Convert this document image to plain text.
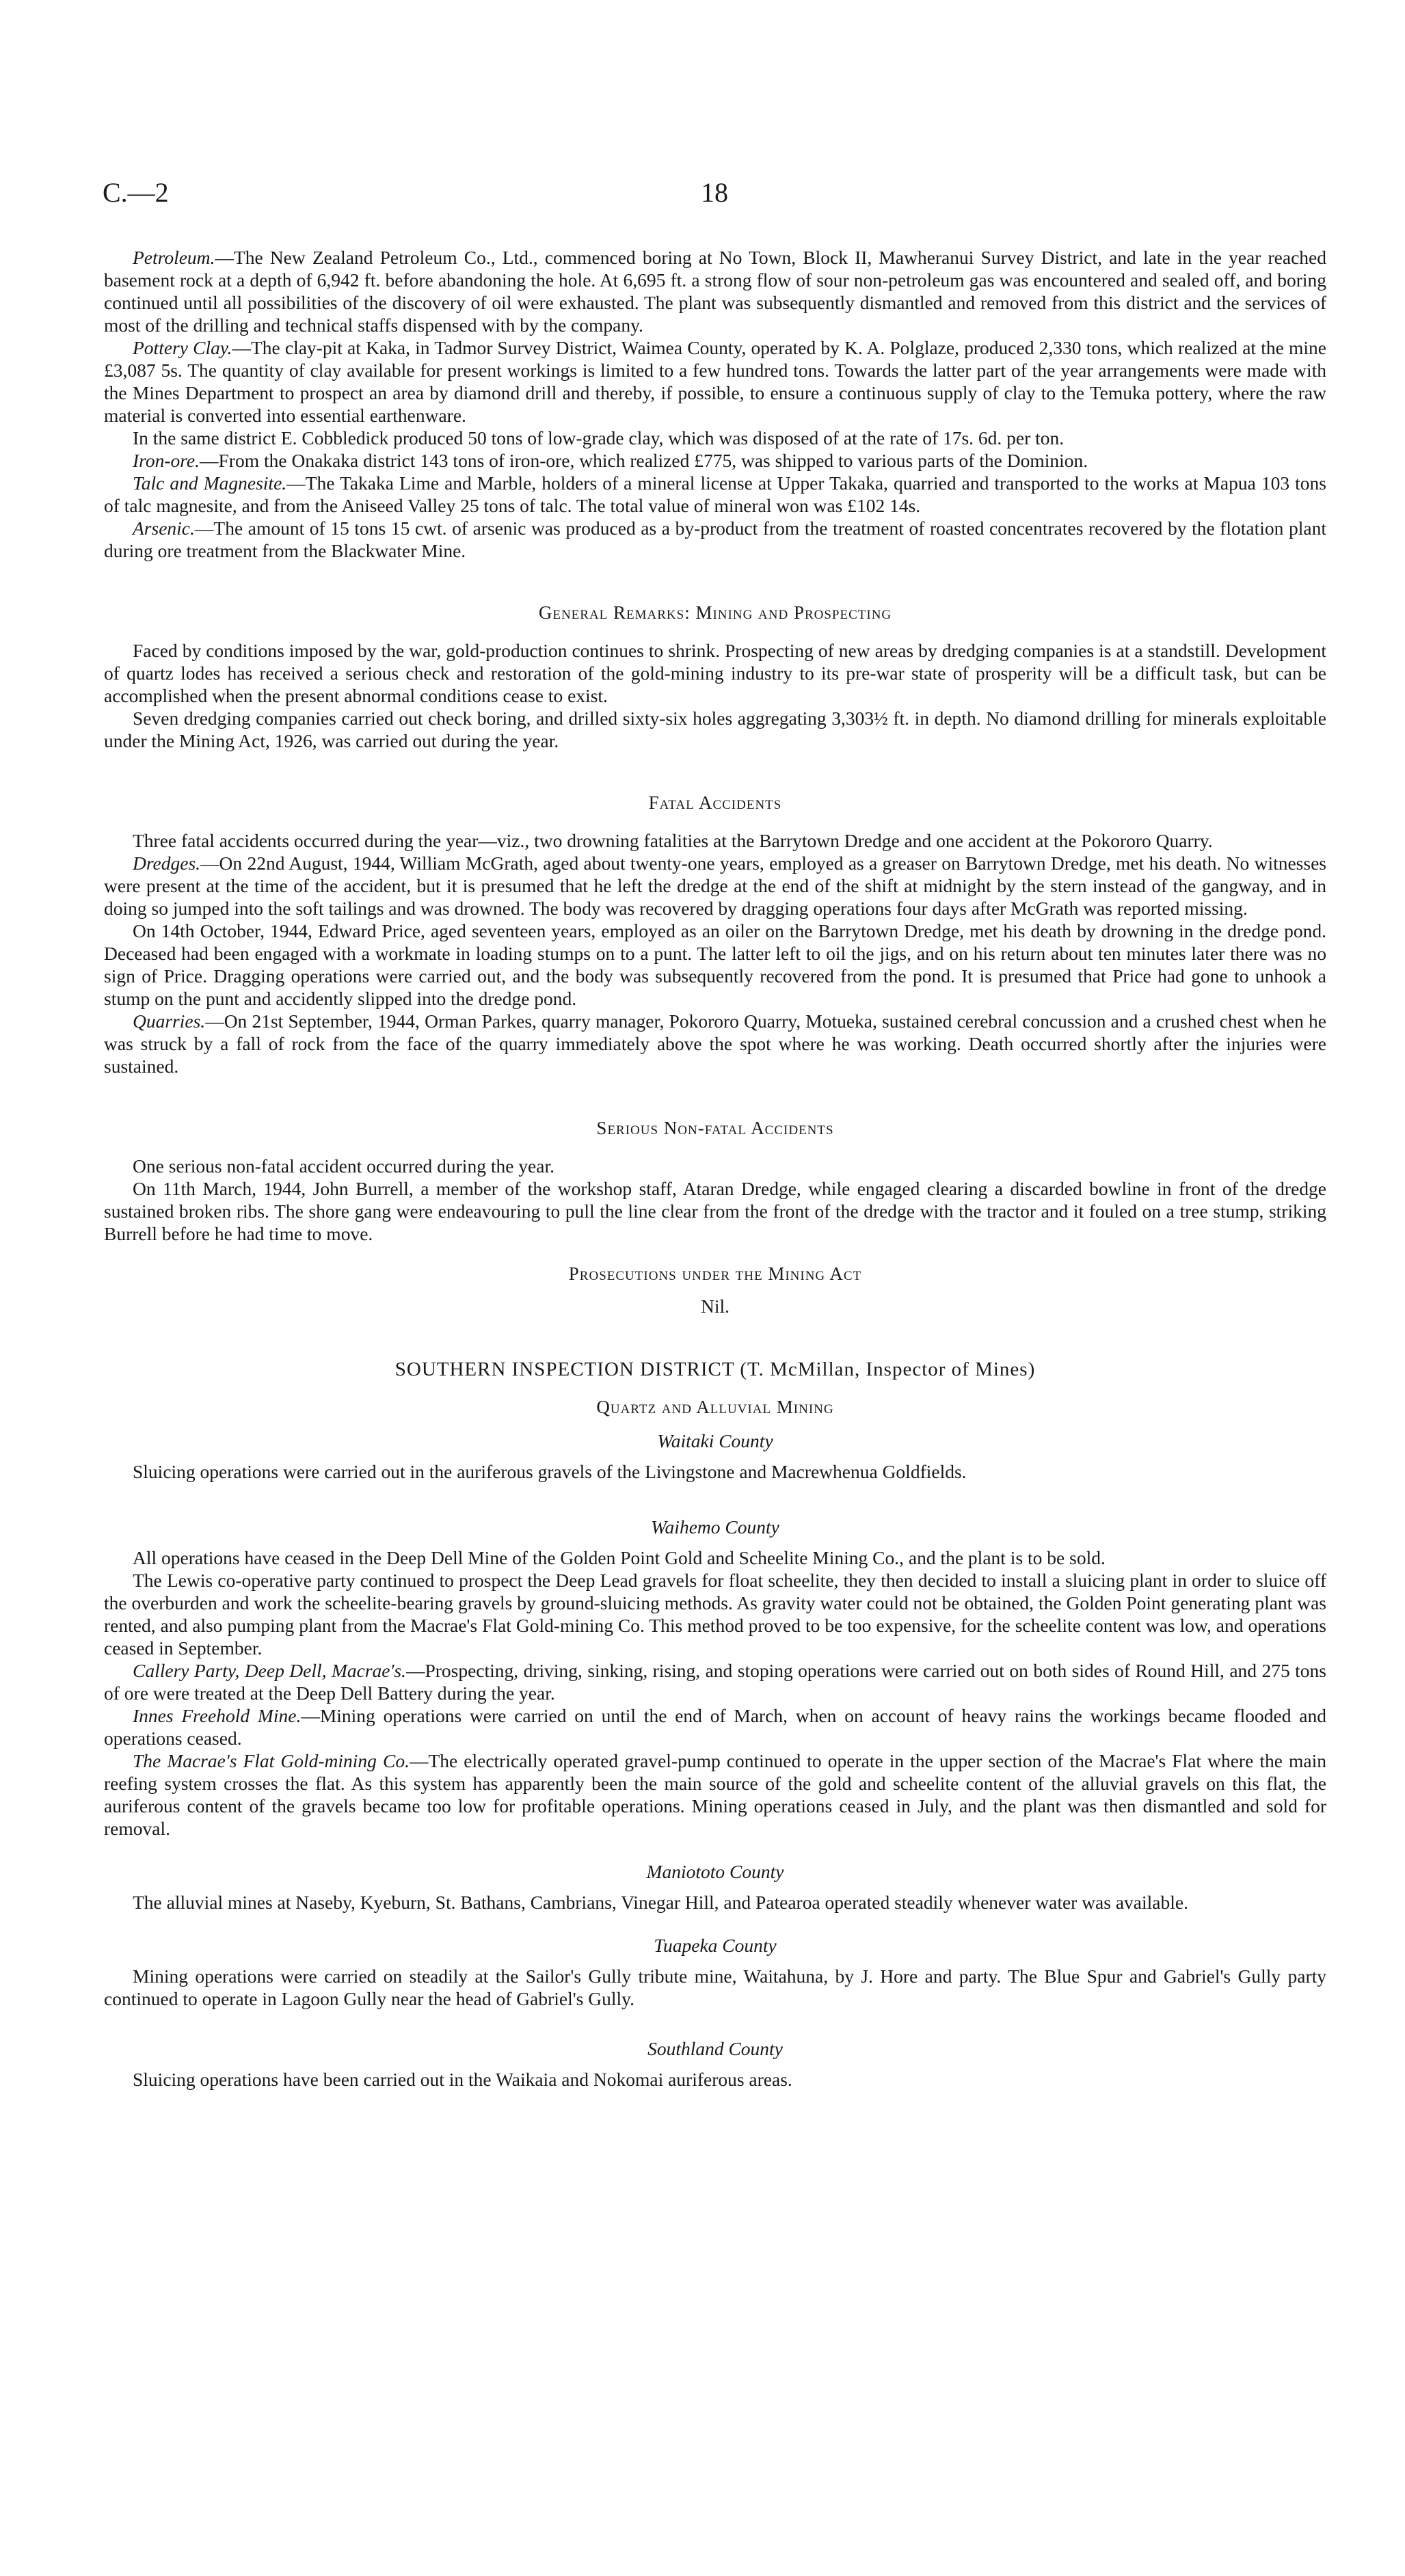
C.—2	18

Petroleum.—The New Zealand Petroleum Co., Ltd., commenced boring at No Town, Block II, Mawheranui Survey District, and late in the year reached basement rock at a depth of 6,942 ft. before abandoning the hole. At 6,695 ft. a strong flow of sour non-petroleum gas was encountered and sealed off, and boring continued until all possibilities of the discovery of oil were exhausted. The plant was subsequently dismantled and removed from this district and the services of most of the drilling and technical staffs dispensed with by the company.

Pottery Clay.—The clay-pit at Kaka, in Tadmor Survey District, Waimea County, operated by K. A. Polglaze, produced 2,330 tons, which realized at the mine £3,087 5s. The quantity of clay available for present workings is limited to a few hundred tons. Towards the latter part of the year arrangements were made with the Mines Department to prospect an area by diamond drill and thereby, if possible, to ensure a continuous supply of clay to the Temuka pottery, where the raw material is converted into essential earthenware.

In the same district E. Cobbledick produced 50 tons of low-grade clay, which was disposed of at the rate of 17s. 6d. per ton.

Iron-ore.—From the Onakaka district 143 tons of iron-ore, which realized £775, was shipped to various parts of the Dominion.

Talc and Magnesite.—The Takaka Lime and Marble, holders of a mineral license at Upper Takaka, quarried and transported to the works at Mapua 103 tons of talc magnesite, and from the Aniseed Valley 25 tons of talc. The total value of mineral won was £102 14s.

Arsenic.—The amount of 15 tons 15 cwt. of arsenic was produced as a by-product from the treatment of roasted concentrates recovered by the flotation plant during ore treatment from the Blackwater Mine.

General Remarks: Mining and Prospecting

Faced by conditions imposed by the war, gold-production continues to shrink. Prospecting of new areas by dredging companies is at a standstill. Development of quartz lodes has received a serious check and restoration of the gold-mining industry to its pre-war state of prosperity will be a difficult task, but can be accomplished when the present abnormal conditions cease to exist.

Seven dredging companies carried out check boring, and drilled sixty-six holes aggregating 3,303½ ft. in depth. No diamond drilling for minerals exploitable under the Mining Act, 1926, was carried out during the year.

Fatal Accidents

Three fatal accidents occurred during the year—viz., two drowning fatalities at the Barrytown Dredge and one accident at the Pokororo Quarry.

Dredges.—On 22nd August, 1944, William McGrath, aged about twenty-one years, employed as a greaser on Barrytown Dredge, met his death. No witnesses were present at the time of the accident, but it is presumed that he left the dredge at the end of the shift at midnight by the stern instead of the gangway, and in doing so jumped into the soft tailings and was drowned. The body was recovered by dragging operations four days after McGrath was reported missing.

On 14th October, 1944, Edward Price, aged seventeen years, employed as an oiler on the Barrytown Dredge, met his death by drowning in the dredge pond. Deceased had been engaged with a workmate in loading stumps on to a punt. The latter left to oil the jigs, and on his return about ten minutes later there was no sign of Price. Dragging operations were carried out, and the body was subsequently recovered from the pond. It is presumed that Price had gone to unhook a stump on the punt and accidently slipped into the dredge pond.

Quarries.—On 21st September, 1944, Orman Parkes, quarry manager, Pokororo Quarry, Motueka, sustained cerebral concussion and a crushed chest when he was struck by a fall of rock from the face of the quarry immediately above the spot where he was working. Death occurred shortly after the injuries were sustained.

Serious Non-fatal Accidents

One serious non-fatal accident occurred during the year.

On 11th March, 1944, John Burrell, a member of the workshop staff, Ataran Dredge, while engaged clearing a discarded bowline in front of the dredge sustained broken ribs. The shore gang were endeavouring to pull the line clear from the front of the dredge with the tractor and it fouled on a tree stump, striking Burrell before he had time to move.

Prosecutions under the Mining Act

Nil.

SOUTHERN INSPECTION DISTRICT (T. McMillan, Inspector of Mines)

Quartz and Alluvial Mining

Waitaki County

Sluicing operations were carried out in the auriferous gravels of the Livingstone and Macrewhenua Goldfields.

Waihemo County

All operations have ceased in the Deep Dell Mine of the Golden Point Gold and Scheelite Mining Co., and the plant is to be sold.

The Lewis co-operative party continued to prospect the Deep Lead gravels for float scheelite, they then decided to install a sluicing plant in order to sluice off the overburden and work the scheelite-bearing gravels by ground-sluicing methods. As gravity water could not be obtained, the Golden Point generating plant was rented, and also pumping plant from the Macrae's Flat Gold-mining Co. This method proved to be too expensive, for the scheelite content was low, and operations ceased in September.

Callery Party, Deep Dell, Macrae's.—Prospecting, driving, sinking, rising, and stoping operations were carried out on both sides of Round Hill, and 275 tons of ore were treated at the Deep Dell Battery during the year.

Innes Freehold Mine.—Mining operations were carried on until the end of March, when on account of heavy rains the workings became flooded and operations ceased.

The Macrae's Flat Gold-mining Co.—The electrically operated gravel-pump continued to operate in the upper section of the Macrae's Flat where the main reefing system crosses the flat. As this system has apparently been the main source of the gold and scheelite content of the alluvial gravels on this flat, the auriferous content of the gravels became too low for profitable operations. Mining operations ceased in July, and the plant was then dismantled and sold for removal.

Maniototo County

The alluvial mines at Naseby, Kyeburn, St. Bathans, Cambrians, Vinegar Hill, and Patearoa operated steadily whenever water was available.

Tuapeka County

Mining operations were carried on steadily at the Sailor's Gully tribute mine, Waitahuna, by J. Hore and party. The Blue Spur and Gabriel's Gully party continued to operate in Lagoon Gully near the head of Gabriel's Gully.

Southland County

Sluicing operations have been carried out in the Waikaia and Nokomai auriferous areas.
